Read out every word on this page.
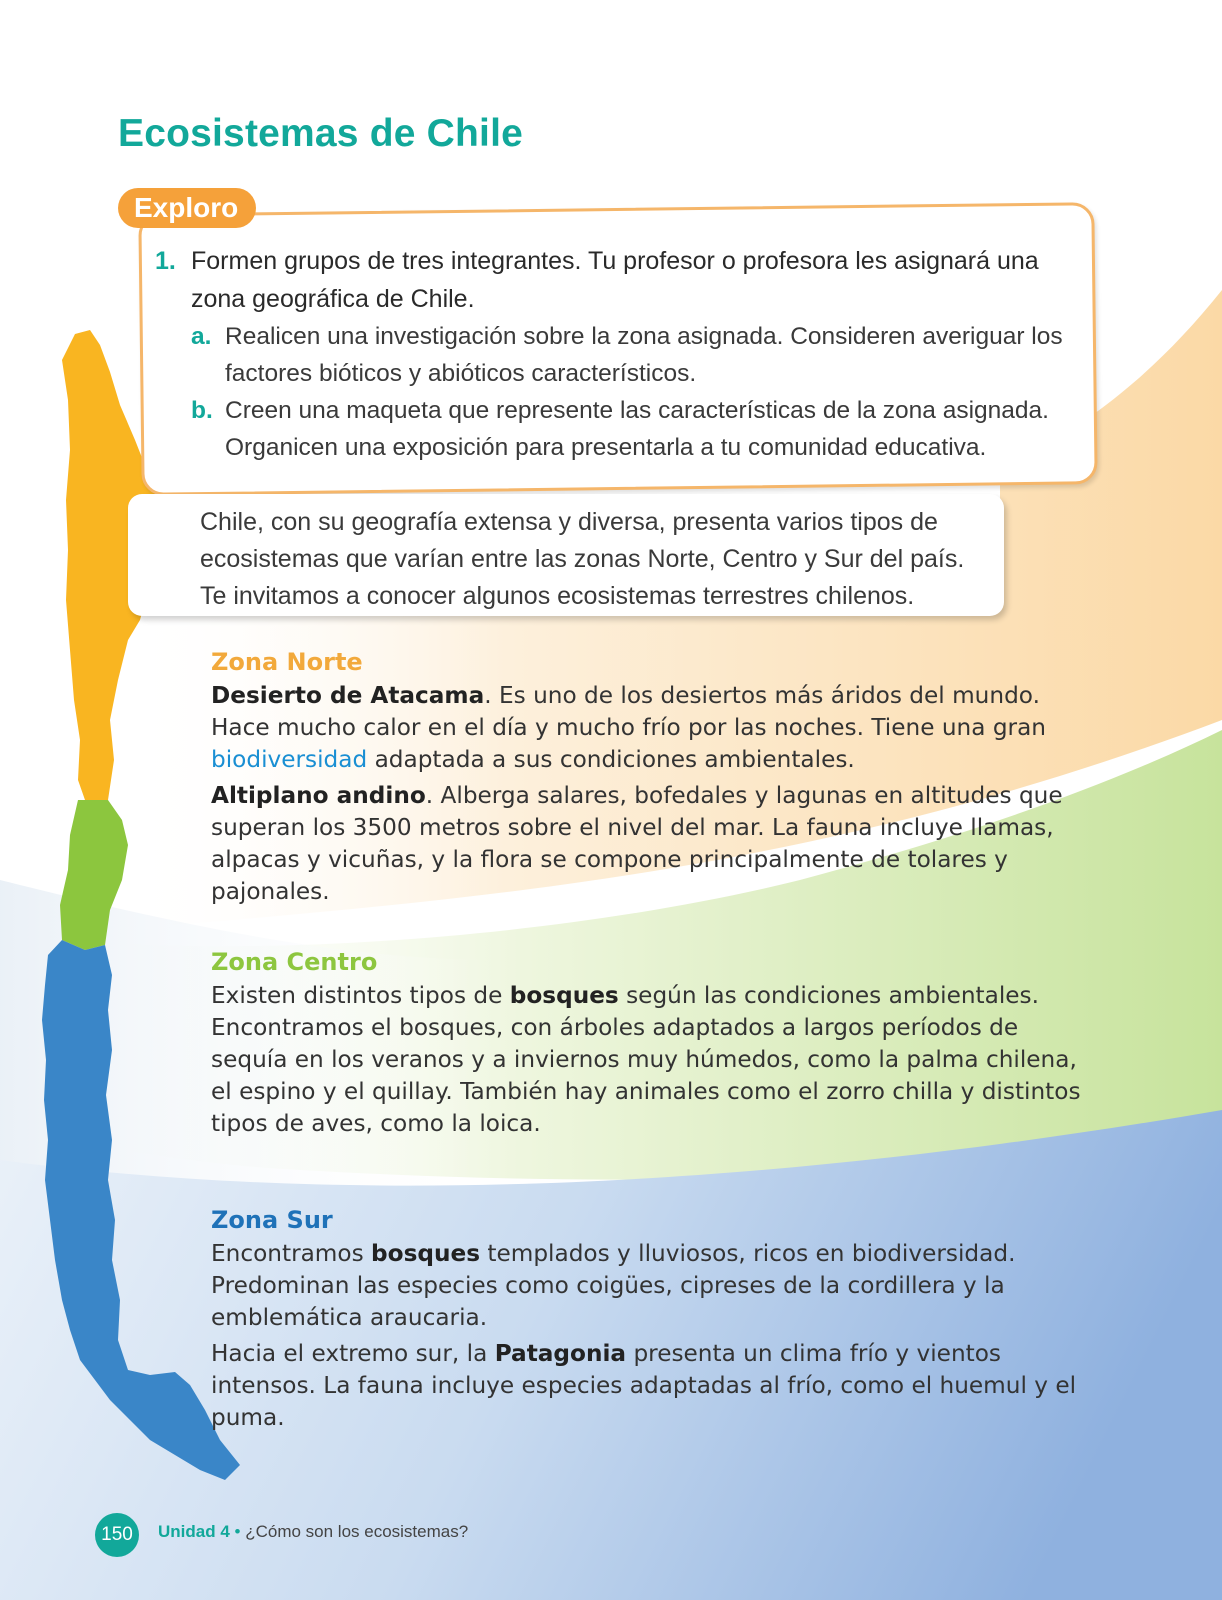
Ecosistemas de Chile
Exploro
1. Formen grupos de tres integrantes. Tu profesor o profesora les asignará una zona geográfica de Chile.
a. Realicen una investigación sobre la zona asignada. Consideren averiguar los factores bióticos y abióticos característicos.
b. Creen una maqueta que represente las características de la zona asignada. Organicen una exposición para presentarla a tu comunidad educativa.
Chile, con su geografía extensa y diversa, presenta varios tipos de ecosistemas que varían entre las zonas Norte, Centro y Sur del país. Te invitamos a conocer algunos ecosistemas terrestres chilenos.
Zona Norte

Desierto de Atacama. Es uno de los desiertos más áridos del mundo. Hace mucho calor en el día y mucho frío por las noches. Tiene una gran biodiversidad adaptada a sus condiciones ambientales.

Altiplano andino. Alberga salares, bofedales y lagunas en altitudes que superan los 3500 metros sobre el nivel del mar. La fauna incluye llamas, alpacas y vicuñas, y la flora se compone principalmente de tolares y pajonales.

Zona Centro

Existen distintos tipos de bosques según las condiciones ambientales. Encontramos el bosques, con árboles adaptados a largos períodos de sequía en los veranos y a inviernos muy húmedos, como la palma chilena, el espino y el quillay. También hay animales como el zorro chilla y distintos tipos de aves, como la loica.

Zona Sur

Encontramos bosques templados y lluviosos, ricos en biodiversidad. Predominan las especies como coigües, cipreses de la cordillera y la emblemática araucaria.

Hacia el extremo sur, la Patagonia presenta un clima frío y vientos intensos. La fauna incluye especies adaptadas al frío, como el huemul y el puma.

150	Unidad 4 • ¿Cómo son los ecosistemas?
